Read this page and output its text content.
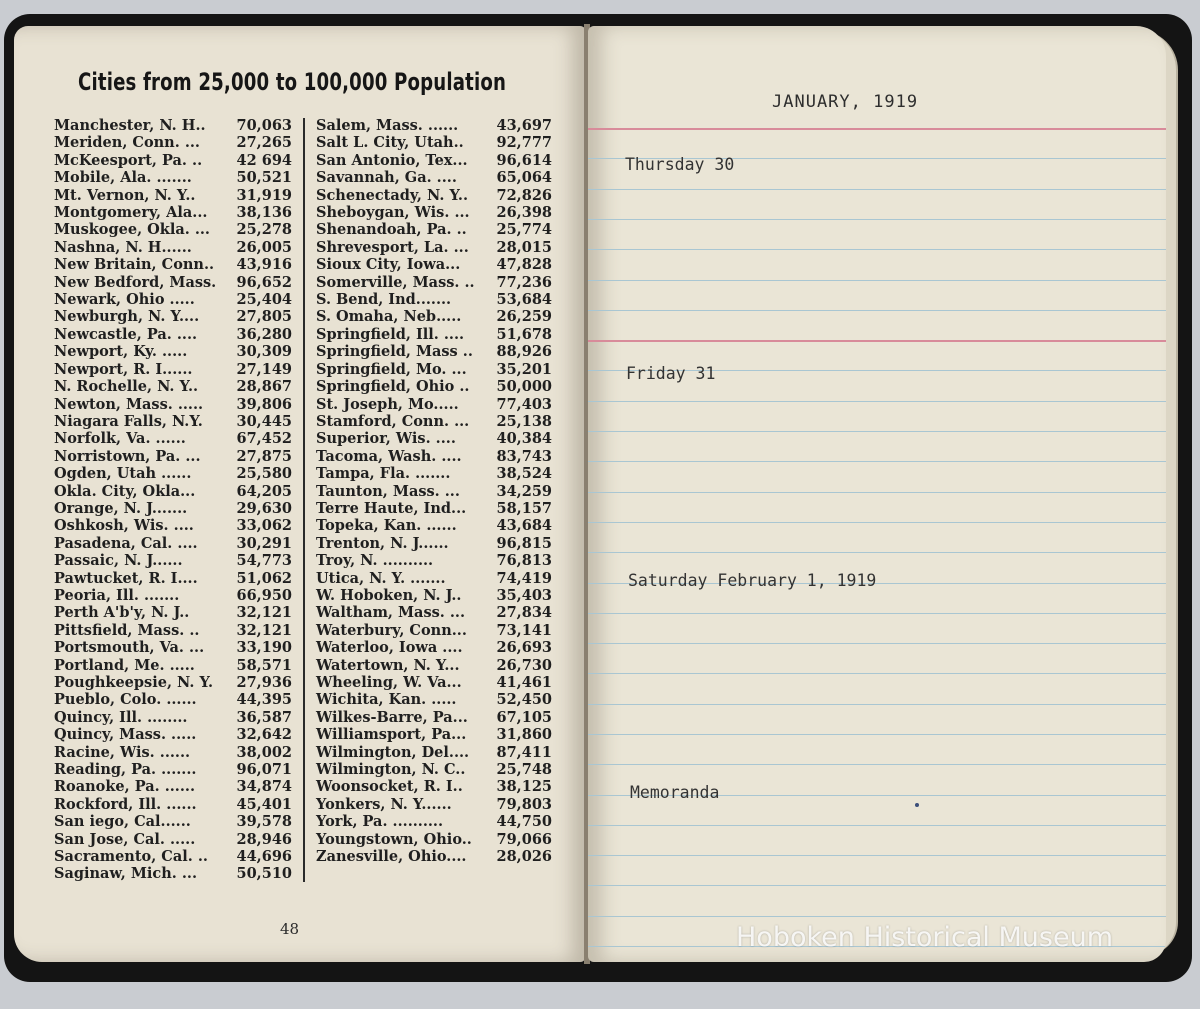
Cities from 25,000 to 100,000 Population
Manchester, N. H.. 70,063
Meriden, Conn. ...	27,265
McKeesport, Pa. .. 42 694
Mobile, Ala. .......	50,521
Mt. Vernon, N. Y..	31,919
Montgomery, Ala... 38,136
Muskogee, Okla. ... 25,278
Nashna, N. H......	26,005
New Britain, Conn.. 43,916
New Bedford, Mass. 96,652
Newark, Ohio .....	25,404
Newburgh, N. Y....	27,805
Newcastle, Pa. ....	36,280
Newport, Ky. .....	30,309
Newport, R. I......	27,149
N. Rochelle, N. Y..	28,867
Newton, Mass. ..... 39,806
Niagara Falls, N.Y. 30,445
Norfolk, Va. ......	67,452
Norristown, Pa. ... 27,875
Ogden, Utah ......	25,580
Okla. City, Okla...	64,205
Orange, N. J.......	29,630
Oshkosh, Wis. ....	33,062
Pasadena, Cal. ....	30,291
Passaic, N. J......	54,773
Pawtucket, R. I....	51,062
Peoria, Ill. .......	66,950
Perth A'b'y, N. J..	32,121
Pittsfield, Mass. ..	32,121
Portsmouth, Va. ... 33,190
Portland, Me. .....	58,571
Poughkeepsie, N. Y. 27,936
Pueblo, Colo. ......	44,395
Quincy, Ill. ........	36,587
Quincy, Mass. .....	32,642
Racine, Wis. ......	38,002
Reading, Pa. .......	96,071
Roanoke, Pa. ......	34,874
Rockford, Ill. ......	45,401
San iego, Cal......	39,578
San Jose, Cal. .....	28,946
Sacramento, Cal. .. 44,696
Saginaw, Mich. ...	50,510
Salem, Mass. ......	43,697
Salt L. City, Utah.. 92,777
San Antonio, Tex... 96,614
Savannah, Ga. ....	65,064
Schenectady, N. Y.. 72,826
Sheboygan, Wis. ... 26,398
Shenandoah, Pa. .. 25,774
Shrevesport, La. ... 28,015
Sioux City, Iowa...	47,828
Somerville, Mass. .. 77,236
S. Bend, Ind.......	53,684
S. Omaha, Neb..... 26,259
Springfield, Ill. .... 51,678
Springfield, Mass .. 88,926
Springfield, Mo. ... 35,201
Springfield, Ohio .. 50,000
St. Joseph, Mo.....	77,403
Stamford, Conn. ... 25,138
Superior, Wis. ....	40,384
Tacoma, Wash. .... 83,743
Tampa, Fla. .......	38,524
Taunton, Mass. ...	34,259
Terre Haute, Ind... 58,157
Topeka, Kan. ......	43,684
Trenton, N. J......	96,815
Troy, N. ..........	76,813
Utica, N. Y. .......	74,419
W. Hoboken, N. J.. 35,403
Waltham, Mass. ... 27,834
Waterbury, Conn... 73,141
Waterloo, Iowa .... 26,693
Watertown, N. Y...	26,730
Wheeling, W. Va... 41,461
Wichita, Kan. .....	52,450
Wilkes-Barre, Pa... 67,105
Williamsport, Pa... 31,860
Wilmington, Del.... 87,411
Wilmington, N. C.. 25,748
Woonsocket, R. I.. 38,125
Yonkers, N. Y......	79,803
York, Pa. ..........	44,750
Youngstown, Ohio.. 79,066
Zanesville, Ohio.... 28,026
48
JANUARY, 1919
Thursday 30
Friday 31
Saturday February 1, 1919
Memoranda
Hoboken Historical Museum
